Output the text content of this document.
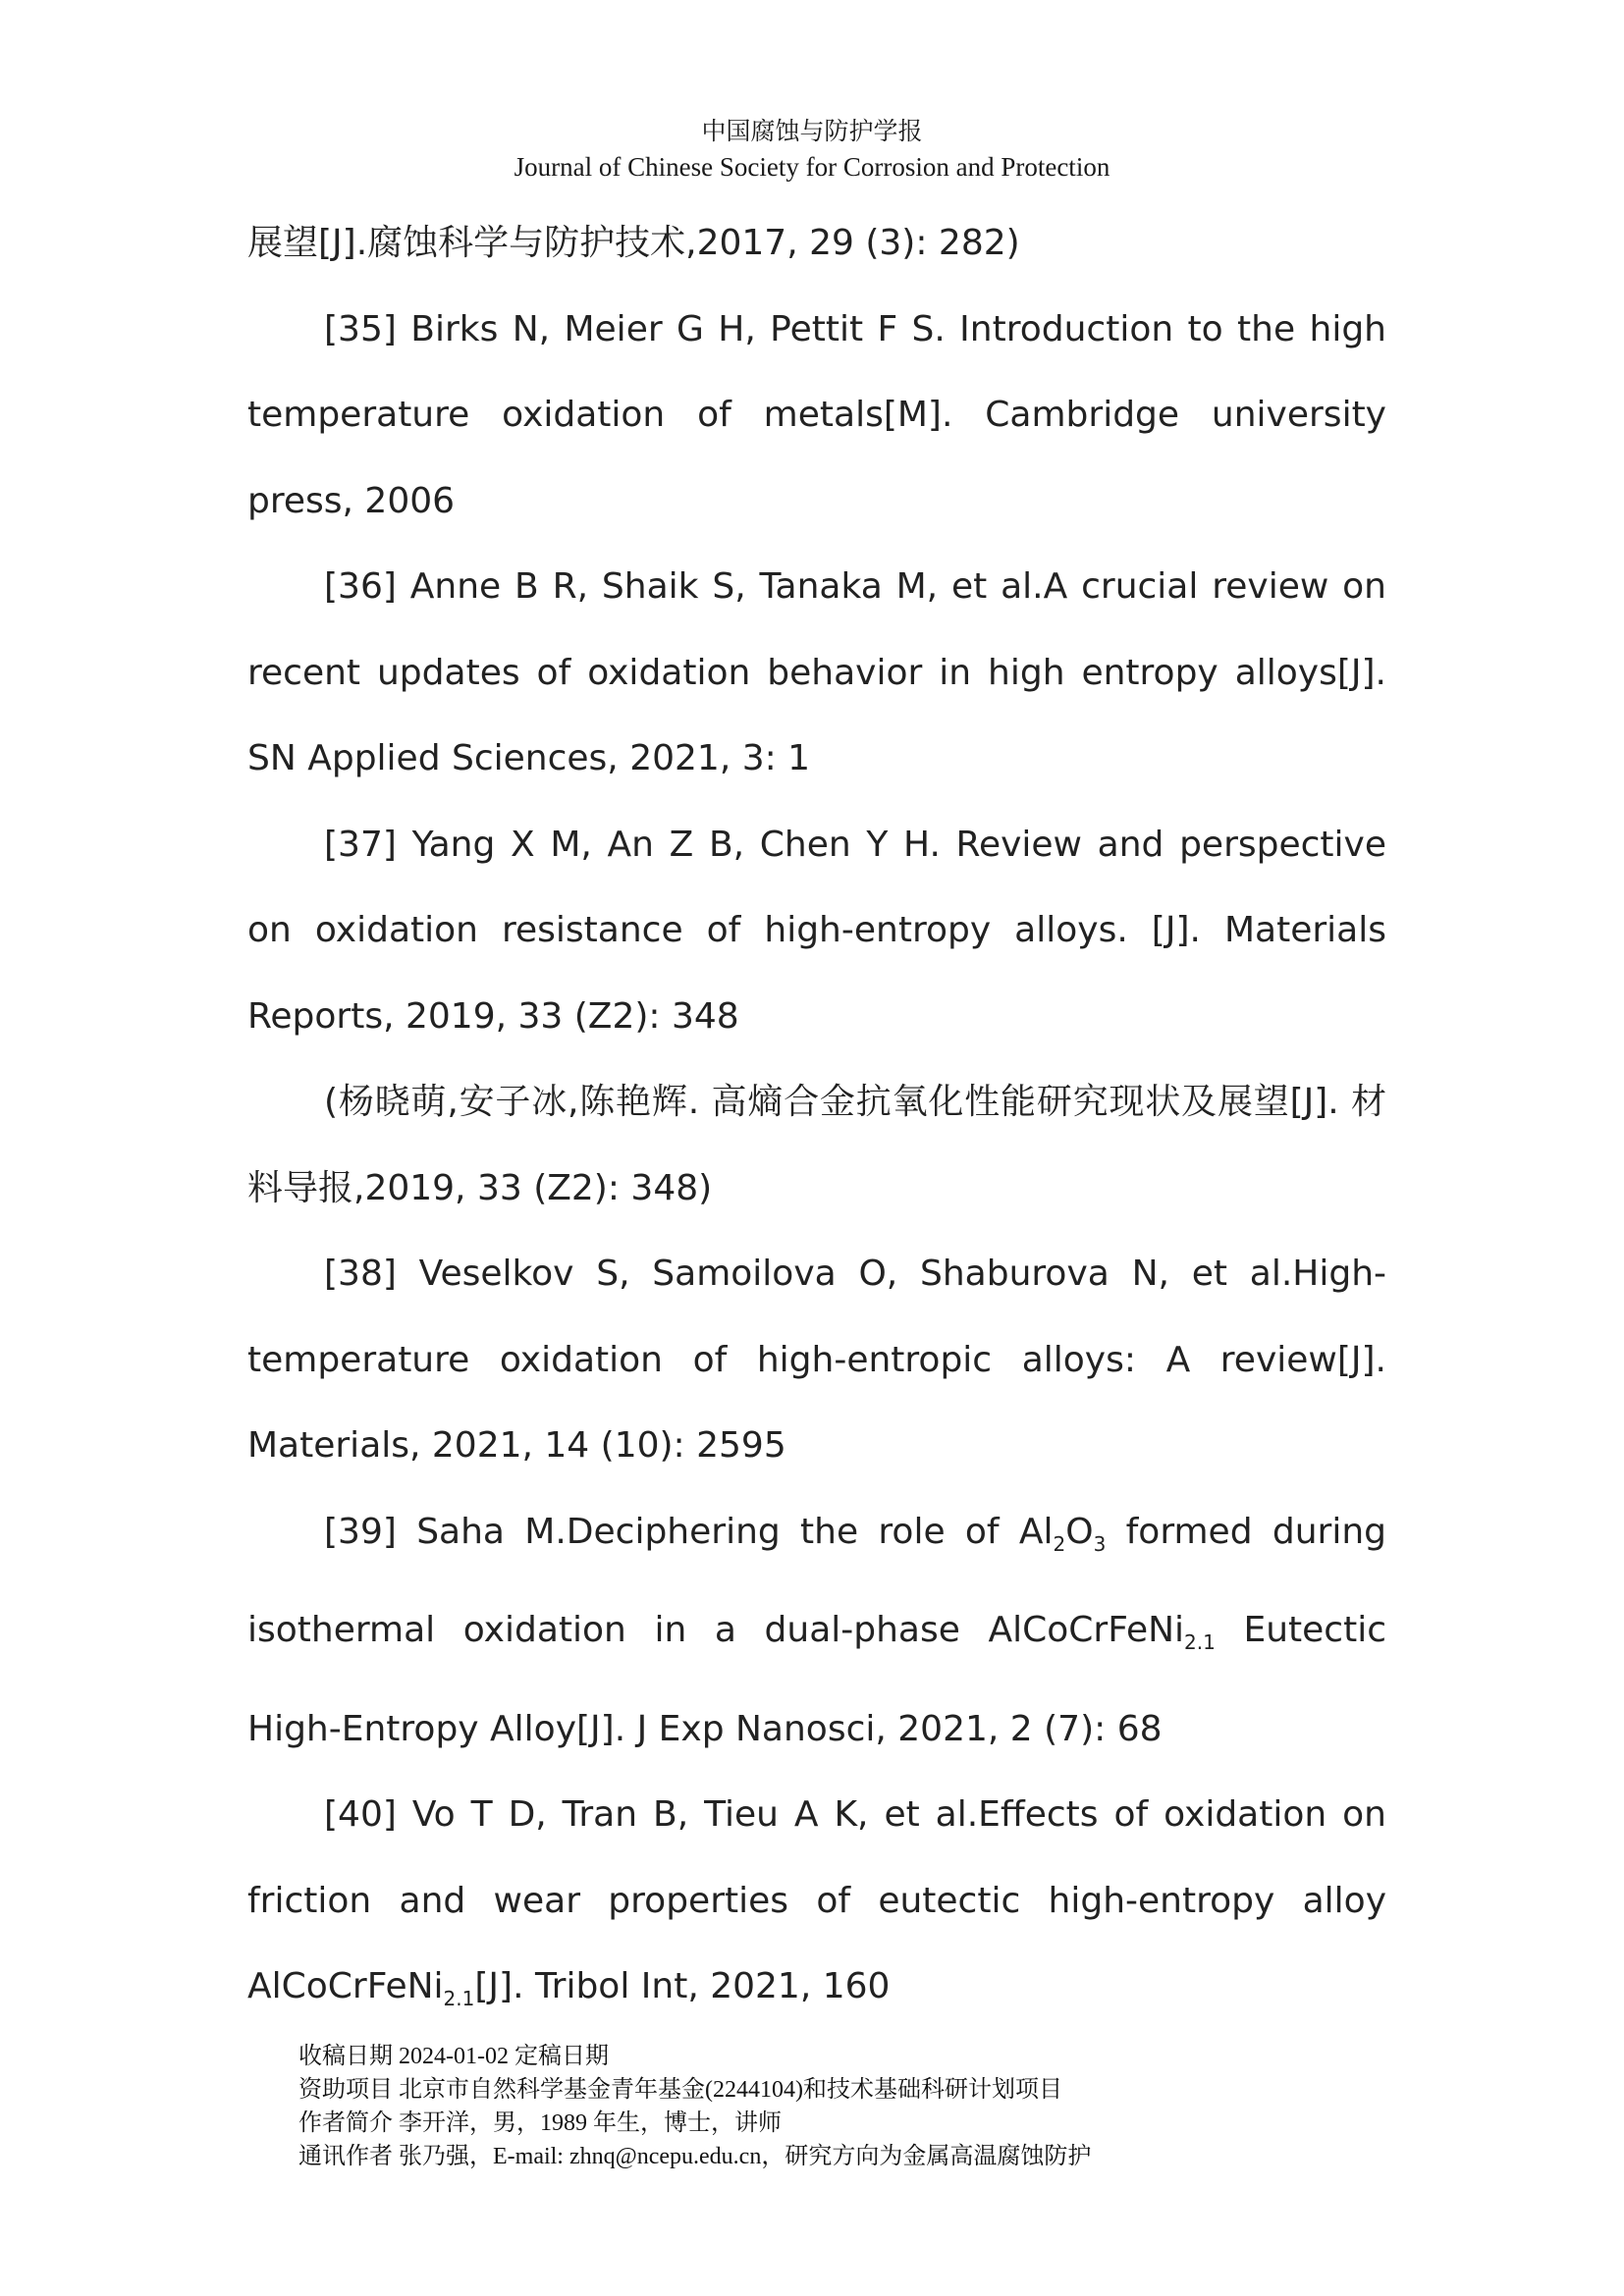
中国腐蚀与防护学报
Journal of Chinese Society for Corrosion and Protection

展望[J].腐蚀科学与防护技术,2017, 29 (3): 282)

[35] Birks N, Meier G H, Pettit F S. Introduction to the high temperature oxidation of metals[M]. Cambridge university press, 2006

[36] Anne B R, Shaik S, Tanaka M, et al.A crucial review on recent updates of oxidation behavior in high entropy alloys[J]. SN Applied Sciences, 2021, 3: 1

[37] Yang X M, An Z B, Chen Y H. Review and perspective on oxidation resistance of high-entropy alloys. [J]. Materials Reports, 2019, 33 (Z2): 348

(杨晓萌,安子冰,陈艳辉. 高熵合金抗氧化性能研究现状及展望[J]. 材料导报,2019, 33 (Z2): 348)

[38] Veselkov S, Samoilova O, Shaburova N, et al.High-temperature oxidation of high-entropic alloys: A review[J]. Materials, 2021, 14 (10): 2595

[39] Saha M.Deciphering the role of $Al_2O_3$ formed during isothermal oxidation in a dual-phase AlCoCrFeNi$_{2.1}$ Eutectic High-Entropy Alloy[J]. J Exp Nanosci, 2021, 2 (7): 68

[40] Vo T D, Tran B, Tieu A K, et al.Effects of oxidation on friction and wear properties of eutectic high-entropy alloy AlCoCrFeNi$_{2.1}$[J]. Tribol Int, 2021, 160

收稿日期 2024-01-02 定稿日期
资助项目 北京市自然科学基金青年基金(2244104)和技术基础科研计划项目
作者简介 李开洋，男，1989 年生，博士，讲师
通讯作者 张乃强，E-mail: zhnq@ncepu.edu.cn，研究方向为金属高温腐蚀防护
